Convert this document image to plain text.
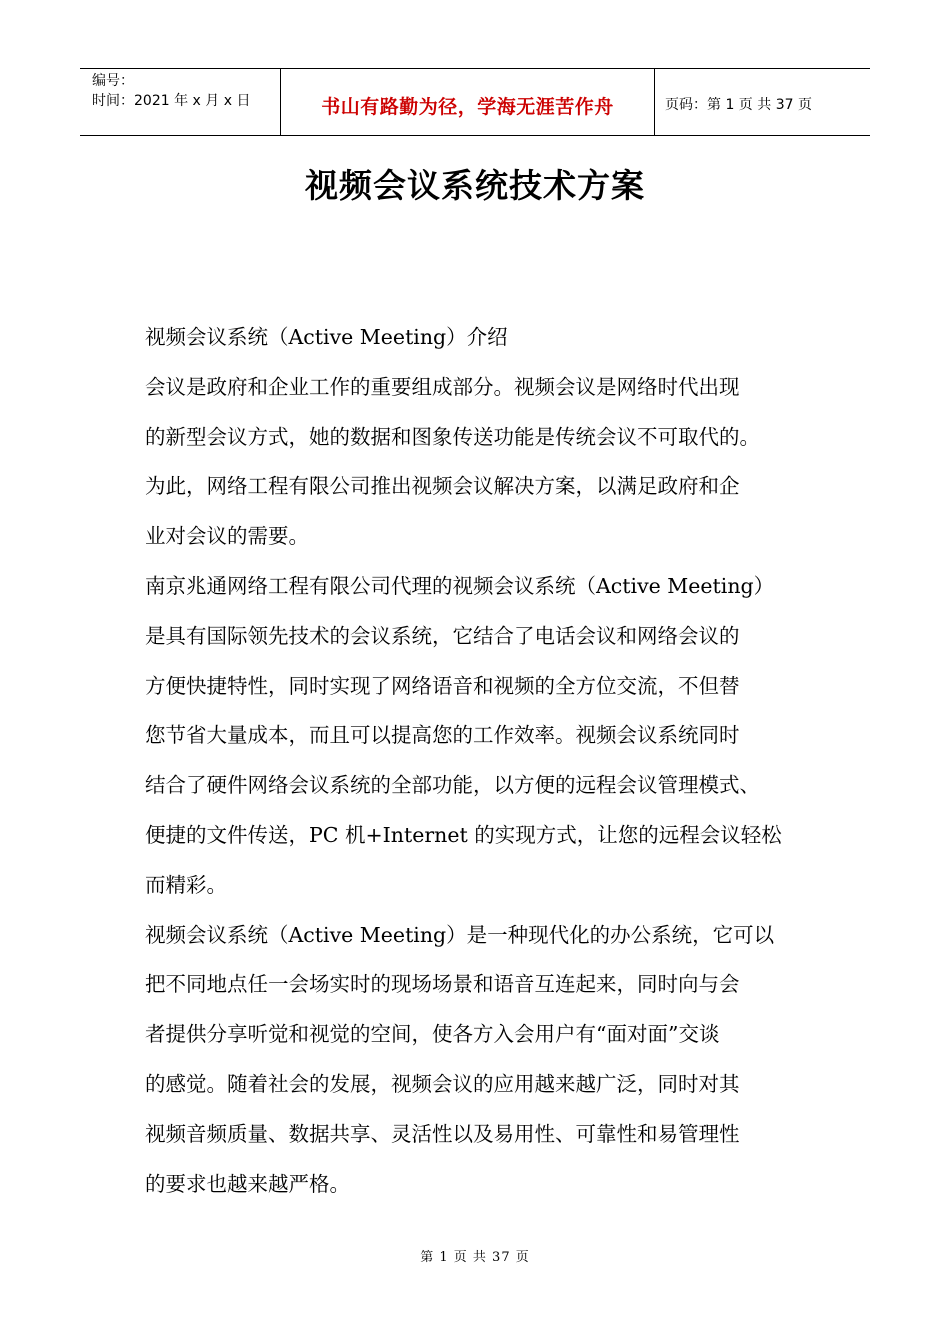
编号：
时间：2021 年 x 月 x 日	书山有路勤为径，学海无涯苦作舟	页码：第 1 页 共 37 页
视频会议系统技术方案
视频会议系统（Active Meeting）介绍
会议是政府和企业工作的重要组成部分。视频会议是网络时代出现
的新型会议方式，她的数据和图象传送功能是传统会议不可取代的。
为此，网络工程有限公司推出视频会议解决方案，以满足政府和企
业对会议的需要。
南京兆通网络工程有限公司代理的视频会议系统（Active Meeting）
是具有国际领先技术的会议系统，它结合了电话会议和网络会议的
方便快捷特性，同时实现了网络语音和视频的全方位交流，不但替
您节省大量成本，而且可以提高您的工作效率。视频会议系统同时
结合了硬件网络会议系统的全部功能，以方便的远程会议管理模式、
便捷的文件传送，PC 机+Internet 的实现方式，让您的远程会议轻松
而精彩。
视频会议系统（Active Meeting）是一种现代化的办公系统，它可以
把不同地点任一会场实时的现场场景和语音互连起来，同时向与会
者提供分享听觉和视觉的空间，使各方入会用户有“面对面”交谈
的感觉。随着社会的发展，视频会议的应用越来越广泛，同时对其
视频音频质量、数据共享、灵活性以及易用性、可靠性和易管理性
的要求也越来越严格。
第 1 页 共 37 页
